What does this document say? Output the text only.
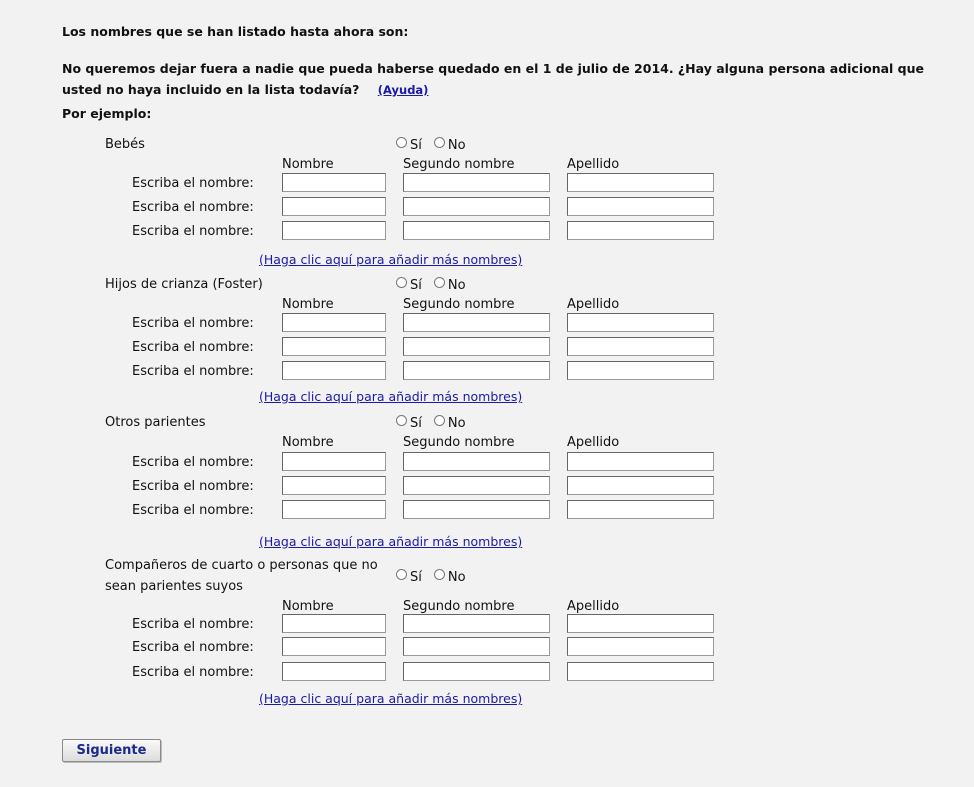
Los nombres que se han listado hasta ahora son:
No queremos dejar fuera a nadie que pueda haberse quedado en el 1 de julio de 2014. ¿Hay alguna persona adicional que usted no haya incluido en la lista todavía? (Ayuda)
Por ejemplo:
Bebés	Sí No
Nombre	Segundo nombre	Apellido
Escriba el nombre:
Escriba el nombre:
Escriba el nombre:
(Haga clic aquí para añadir más nombres)
Hijos de crianza (Foster)	Sí No
Nombre	Segundo nombre	Apellido
Escriba el nombre:
Escriba el nombre:
Escriba el nombre:
(Haga clic aquí para añadir más nombres)
Otros parientes	Sí No
Nombre	Segundo nombre	Apellido
Escriba el nombre:
Escriba el nombre:
Escriba el nombre:
(Haga clic aquí para añadir más nombres)
Compañeros de cuarto o personas que no
sean parientes suyos
Sí No
Nombre	Segundo nombre	Apellido
Escriba el nombre:
Escriba el nombre:
Escriba el nombre:
(Haga clic aquí para añadir más nombres)
Siguiente
